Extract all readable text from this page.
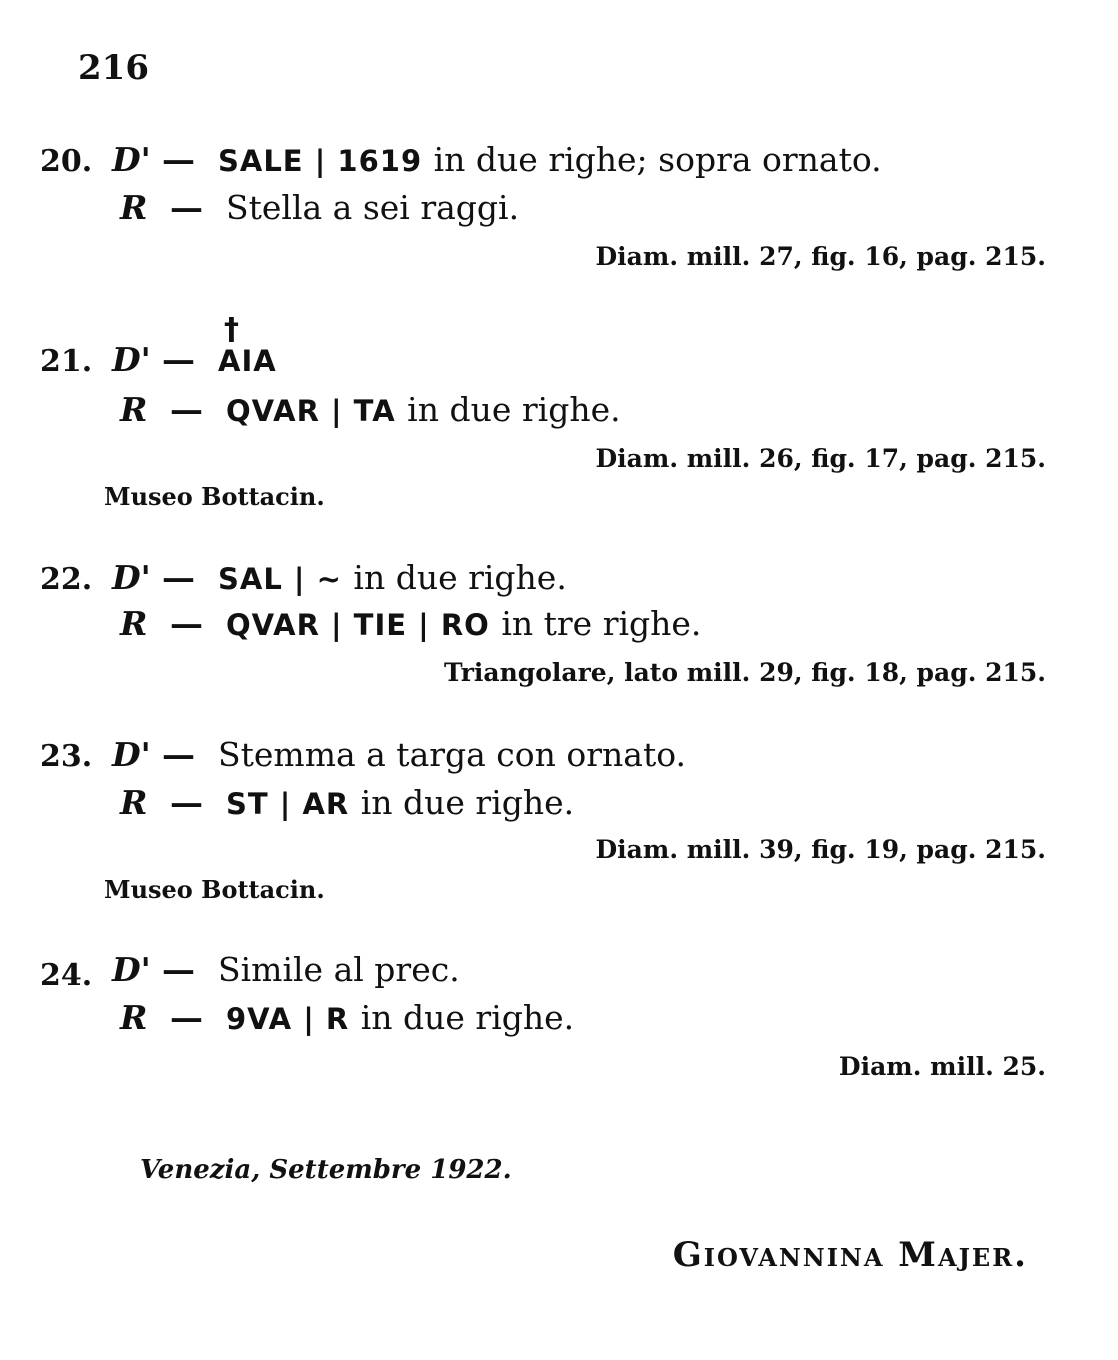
216
20. D' — SALE | 1619 in due righe; sopra ornato.
R — Stella a sei raggi.
Diam. mill. 27, fig. 16, pag. 215.
21. D' —† AIA
R — QVAR | TA in due righe.
Diam. mill. 26, fig. 17, pag. 215.
Museo Bottacin.
22. D' — SAL | ~ in due righe.
R — QVAR | TIE | RO in tre righe.
Triangolare, lato mill. 29, fig. 18, pag. 215.
23. D' — Stemma a targa con ornato.
R — ST | AR in due righe.
Diam. mill. 39, fig. 19, pag. 215.
Museo Bottacin.
24. D' — Simile al prec.
R — 9VA | R in due righe.
Diam. mill. 25.
Venezia, Settembre 1922.
Giovannina Majer.
